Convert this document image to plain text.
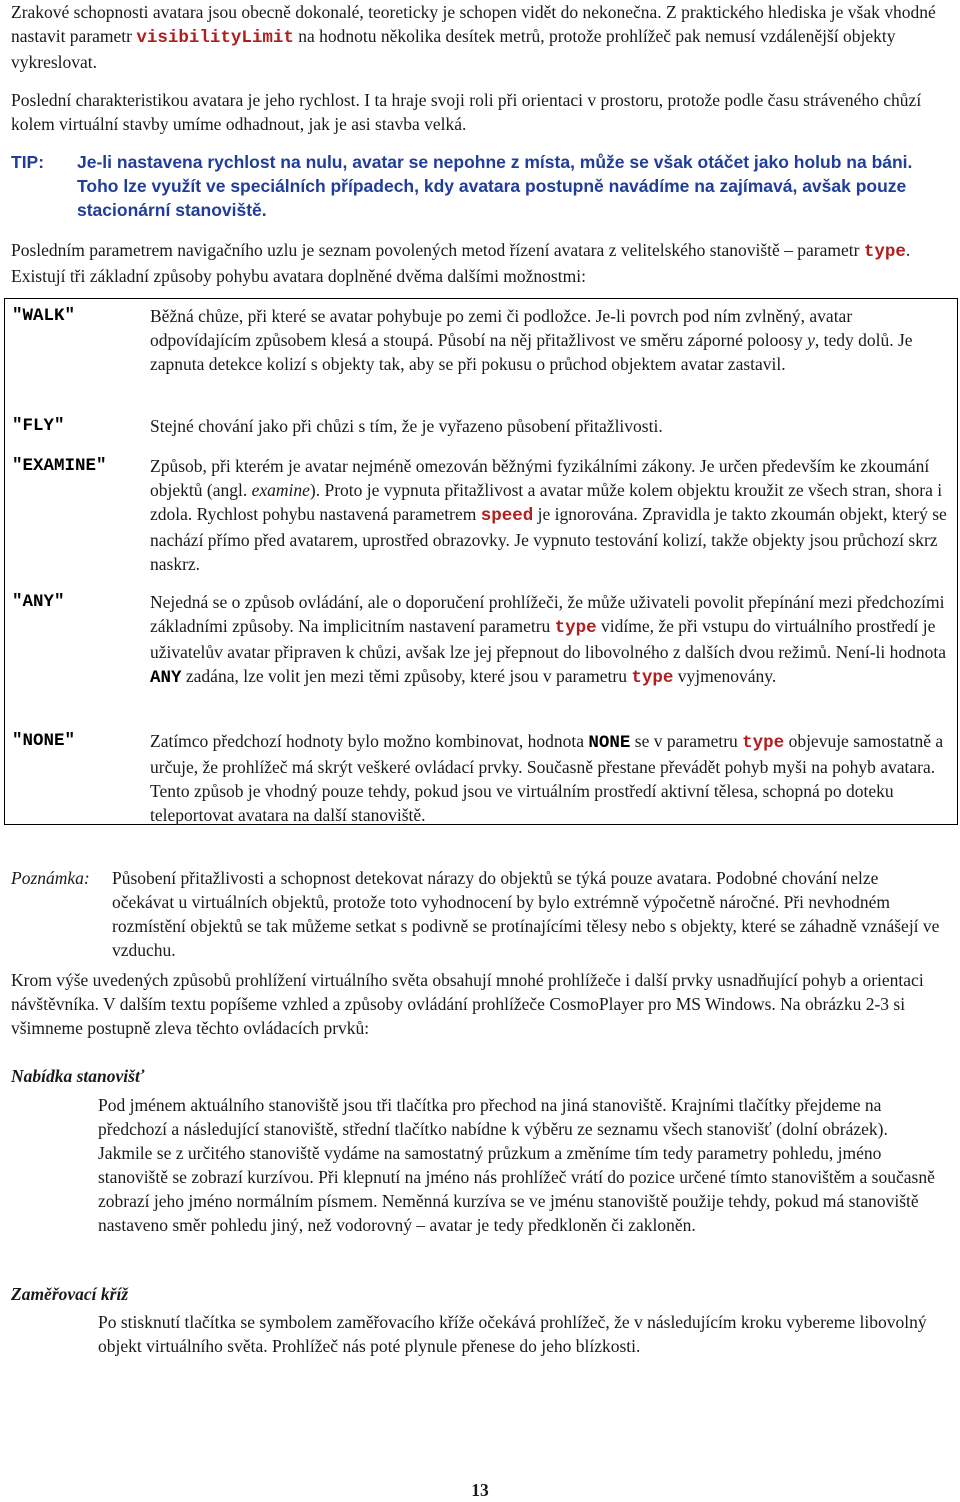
Zrakové schopnosti avatara jsou obecně dokonalé, teoreticky je schopen vidět do nekonečna. Z praktického hlediska je však vhodné nastavit parametr visibilityLimit na hodnotu několika desítek metrů, protože prohlížeč pak nemusí vzdálenější objekty vykreslovat.

Poslední charakteristikou avatara je jeho rychlost. I ta hraje svoji roli při orientaci v prostoru, protože podle času stráveného chůzí kolem virtuální stavby umíme odhadnout, jak je asi stavba velká.

TIP:	Je-li nastavena rychlost na nulu, avatar se nepohne z místa, může se však otáčet jako holub na báni. Toho lze využít ve speciálních případech, kdy avatara postupně navádíme na zajímavá, avšak pouze stacionární stanoviště.

Posledním parametrem navigačního uzlu je seznam povolených metod řízení avatara z velitelského stanoviště – parametr type. Existují tři základní způsoby pohybu avatara doplněné dvěma dalšími možnostmi:

"WALK"	Běžná chůze, při které se avatar pohybuje po zemi či podložce. Je-li povrch pod ním zvlněný, avatar odpovídajícím způsobem klesá a stoupá. Působí na něj přitažlivost ve směru záporné poloosy y, tedy dolů. Je zapnuta detekce kolizí s objekty tak, aby se při pokusu o průchod objektem avatar zastavil.
"FLY"	Stejné chování jako při chůzi s tím, že je vyřazeno působení přitažlivosti.
"EXAMINE"	Způsob, při kterém je avatar nejméně omezován běžnými fyzikálními zákony. Je určen především ke zkoumání objektů (angl. examine). Proto je vypnuta přitažlivost a avatar může kolem objektu kroužit ze všech stran, shora i zdola. Rychlost pohybu nastavená parametrem speed je ignorována. Zpravidla je takto zkoumán objekt, který se nachází přímo před avatarem, uprostřed obrazovky. Je vypnuto testování kolizí, takže objekty jsou průchozí skrz naskrz.
"ANY"	Nejedná se o způsob ovládání, ale o doporučení prohlížeči, že může uživateli povolit přepínání mezi předchozími základními způsoby. Na implicitním nastavení parametru type vidíme, že při vstupu do virtuálního prostředí je uživatelův avatar připraven k chůzi, avšak lze jej přepnout do libovolného z dalších dvou režimů. Není-li hodnota ANY zadána, lze volit jen mezi těmi způsoby, které jsou v parametru type vyjmenovány.
"NONE"	Zatímco předchozí hodnoty bylo možno kombinovat, hodnota NONE se v parametru type objevuje samostatně a určuje, že prohlížeč má skrýt veškeré ovládací prvky. Současně přestane převádět pohyb myši na pohyb avatara. Tento způsob je vhodný pouze tehdy, pokud jsou ve virtuálním prostředí aktivní tělesa, schopná po doteku teleportovat avatara na další stanoviště.
Poznámka:	Působení přitažlivosti a schopnost detekovat nárazy do objektů se týká pouze avatara. Podobné chování nelze očekávat u virtuálních objektů, protože toto vyhodnocení by bylo extrémně výpočetně náročné. Při nevhodném rozmístění objektů se tak můžeme setkat s podivně se protínajícími tělesy nebo s objekty, které se záhadně vznášejí ve vzduchu.

Krom výše uvedených způsobů prohlížení virtuálního světa obsahují mnohé prohlížeče i další prvky usnadňující pohyb a orientaci návštěvníka. V dalším textu popíšeme vzhled a způsoby ovládání prohlížeče CosmoPlayer pro MS Windows. Na obrázku 2-3 si všimneme postupně zleva těchto ovládacích prvků:

Nabídka stanovišť

Pod jménem aktuálního stanoviště jsou tři tlačítka pro přechod na jiná stanoviště. Krajními tlačítky přejdeme na předchozí a následující stanoviště, střední tlačítko nabídne k výběru ze seznamu všech stanovišť (dolní obrázek). Jakmile se z určitého stanoviště vydáme na samostatný průzkum a změníme tím tedy parametry pohledu, jméno stanoviště se zobrazí kurzívou. Při klepnutí na jméno nás prohlížeč vrátí do pozice určené tímto stanovištěm a současně zobrazí jeho jméno normálním písmem. Neměnná kurzíva se ve jménu stanoviště použije tehdy, pokud má stanoviště nastaveno směr pohledu jiný, než vodorovný – avatar je tedy předkloněn či zakloněn.

Zaměřovací kříž

Po stisknutí tlačítka se symbolem zaměřovacího kříže očekává prohlížeč, že v následujícím kroku vybereme libovolný objekt virtuálního světa. Prohlížeč nás poté plynule přenese do jeho blízkosti.

13
